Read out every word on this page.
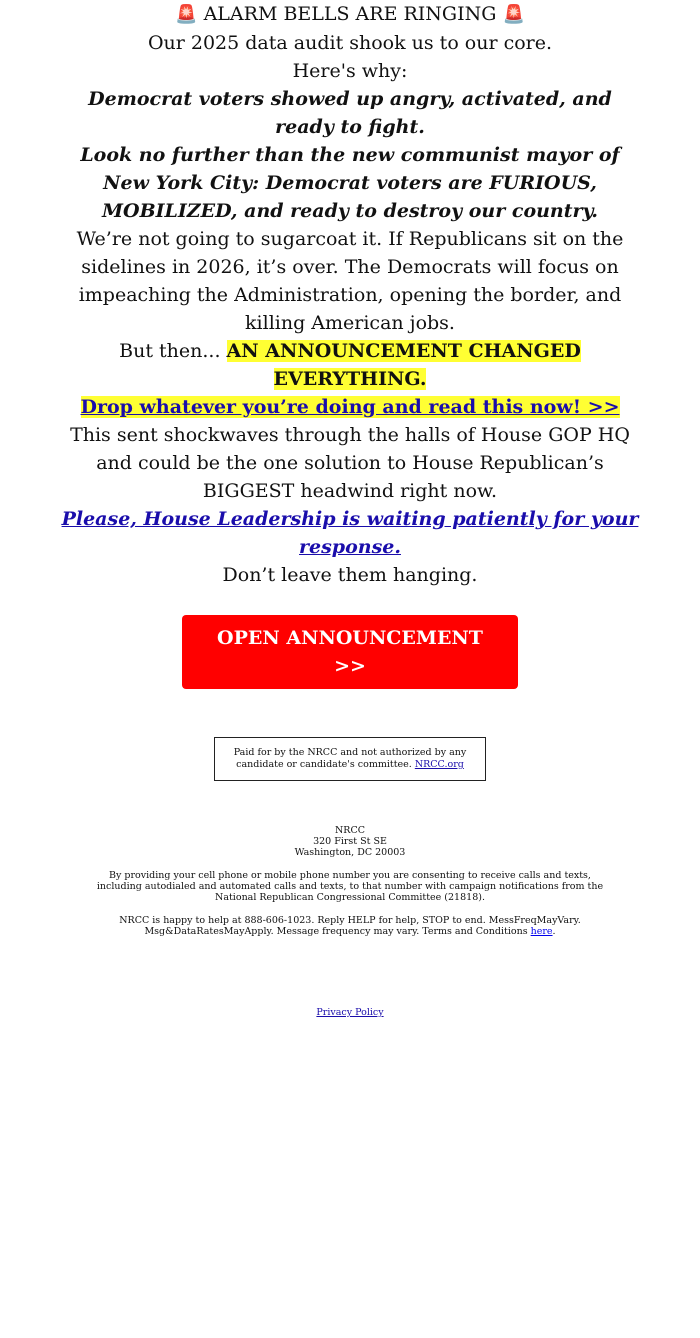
🚨 ALARM BELLS ARE RINGING 🚨

Our 2025 data audit shook us to our core.

Here's why:

Democrat voters showed up angry, activated, and ready to fight.

Look no further than the new communist mayor of New York City: Democrat voters are FURIOUS, MOBILIZED, and ready to destroy our country.

We’re not going to sugarcoat it. If Republicans sit on the sidelines in 2026, it’s over. The Democrats will focus on impeaching the Administration, opening the border, and killing American jobs.

But then... AN ANNOUNCEMENT CHANGED EVERYTHING.

Drop whatever you’re doing and read this now! >>

This sent shockwaves through the halls of House GOP HQ and could be the one solution to House Republican’s BIGGEST headwind right now.

Please, House Leadership is waiting patiently for your response.

Don’t leave them hanging.

OPEN ANNOUNCEMENT >>
Paid for by the NRCC and not authorized by any candidate or candidate's committee. NRCC.org
NRCC
320 First St SE
Washington, DC 20003
By providing your cell phone or mobile phone number you are consenting to receive calls and texts, including autodialed and automated calls and texts, to that number with campaign notifications from the National Republican Congressional Committee (21818).
NRCC is happy to help at 888-606-1023. Reply HELP for help, STOP to end. MessFreqMayVary. Msg&DataRatesMayApply. Message frequency may vary. Terms and Conditions here.
Privacy Policy
